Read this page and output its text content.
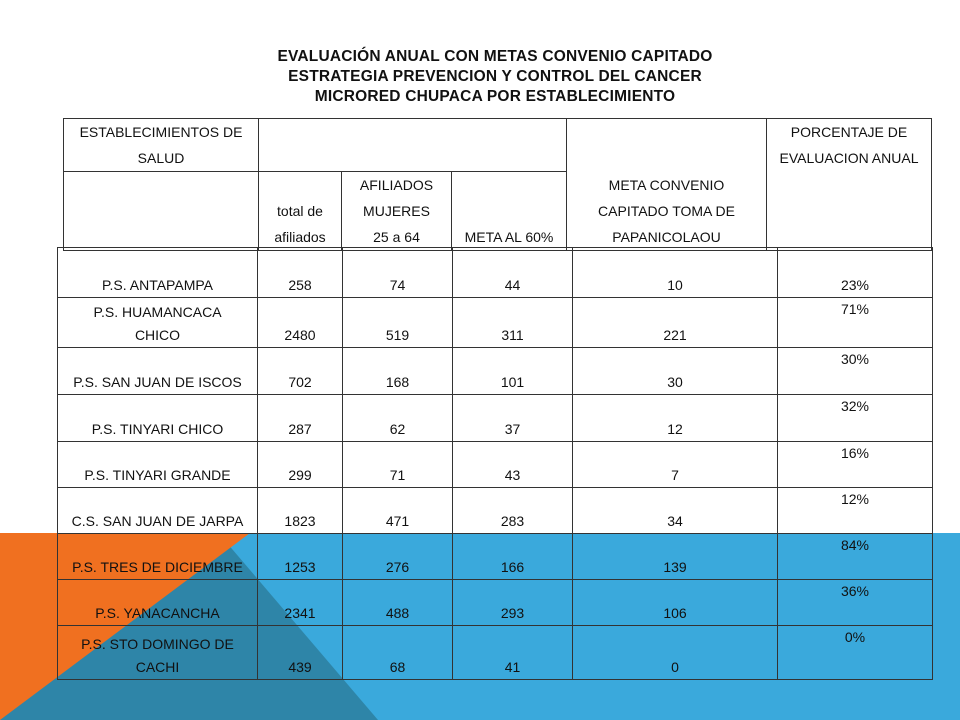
EVALUACIÓN ANUAL CON METAS CONVENIO CAPITADO
ESTRATEGIA PREVENCION Y CONTROL DEL CANCER
MICRORED CHUPACA POR ESTABLECIMIENTO
ESTABLECIMIENTOS DE SALUD				META CONVENIO CAPITADO TOMA DE PAPANICOLAOU	PORCENTAJE DE EVALUACION ANUAL
	total de afiliados	AFILIADOS MUJERES 25 a 64	META AL 60%		
P.S. ANTAPAMPA	258	74	44	10	23%
P.S. HUAMANCACA CHICO	2480	519	311	221	71%
P.S. SAN JUAN DE ISCOS	702	168	101	30	30%
P.S. TINYARI CHICO	287	62	37	12	32%
P.S. TINYARI GRANDE	299	71	43	7	16%
C.S. SAN JUAN DE JARPA	1823	471	283	34	12%
P.S. TRES DE DICIEMBRE	1253	276	166	139	84%
P.S. YANACANCHA	2341	488	293	106	36%
P.S. STO DOMINGO DE CACHI	439	68	41	0	0%
